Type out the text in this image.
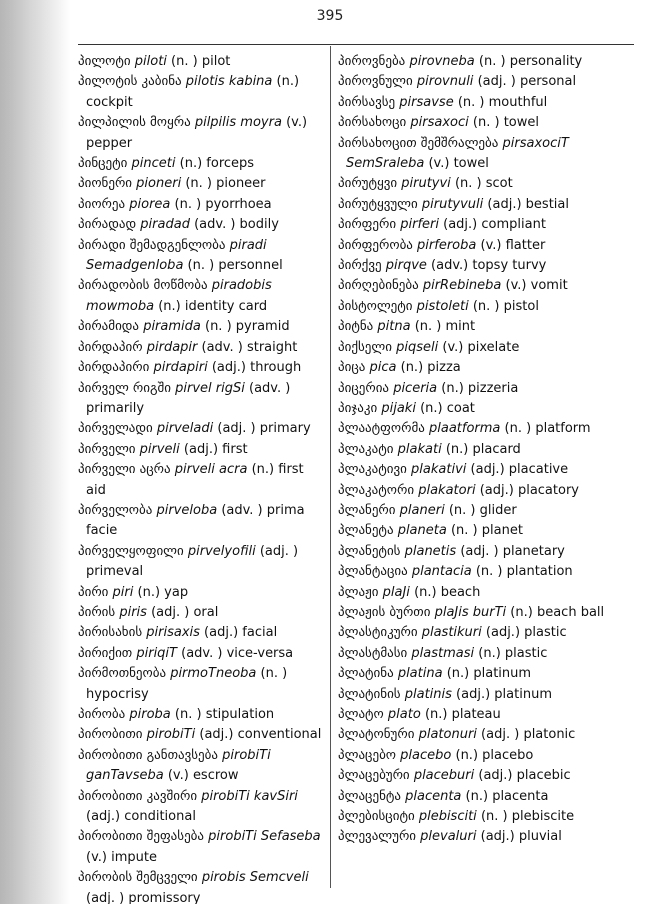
395
პილოტი piloti (n. ) pilot
პილოტის კაბინა pilotis kabina (n.) cockpit
პილპილის მოყრა pilpilis moyra (v.) pepper
პინცეტი pinceti (n.) forceps
პიონერი pioneri (n. ) pioneer
პიორეა piorea (n. ) pyorrhoea
პირადად piradad (adv. ) bodily
პირადი შემადგენლობა piradi Semadgenloba (n. ) personnel
პირადობის მოწმობა piradobis mowmoba (n.) identity card
პირამიდა piramida (n. ) pyramid
პირდაპირ pirdapir (adv. ) straight
პირდაპირი pirdapiri (adj.) through
პირველ რიგში pirvel rigSi (adv. ) primarily
პირველადი pirveladi (adj. ) primary
პირველი pirveli (adj.) first
პირველი აცრა pirveli acra (n.) first aid
პირველობა pirveloba (adv. ) prima facie
პირველყოფილი pirvelyofili (adj. ) primeval
პირი piri (n.) yap
პირის piris (adj. ) oral
პირისახის pirisaxis (adj.) facial
პირიქით piriqiT (adv. ) vice-versa
პირმოთნეობა pirmoTneoba (n. ) hypocrisy
პირობა piroba (n. ) stipulation
პირობითი pirobiTi (adj.) conventional
პირობითი განთავსება pirobiTi ganTavseba (v.) escrow
პირობითი კავშირი pirobiTi kavSiri (adj.) conditional
პირობითი შეფასება pirobiTi Sefaseba (v.) impute
პირობის შემცველი pirobis Semcveli (adj. ) promissory
პიროვნება pirovneba (n. ) personality
პიროვნული pirovnuli (adj. ) personal
პირსავსე pirsavse (n. ) mouthful
პირსახოცი pirsaxoci (n. ) towel
პირსახოცით შემშრალება pirsaxociT SemSraleba (v.) towel
პირუტყვი pirutyvi (n. ) scot
პირუტყვული pirutyvuli (adj.) bestial
პირფერი pirferi (adj.) compliant
პირფერობა pirferoba (v.) flatter
პირქვე pirqve (adv.) topsy turvy
პირღებინება pirRebineba (v.) vomit
პისტოლეტი pistoleti (n. ) pistol
პიტნა pitna (n. ) mint
პიქსელი piqseli (v.) pixelate
პიცა pica (n.) pizza
პიცერია piceria (n.) pizzeria
პიჯაკი pijaki (n.) coat
პლაატფორმა plaatforma (n. ) platform
პლაკატი plakati (n.) placard
პლაკატივი plakativi (adj.) placative
პლაკატორი plakatori (adj.) placatory
პლანერი planeri (n. ) glider
პლანეტა planeta (n. ) planet
პლანეტის planetis (adj. ) planetary
პლანტაცია plantacia (n. ) plantation
პლაჟი plaJi (n.) beach
პლაჟის ბურთი plaJis burTi (n.) beach ball
პლასტიკური plastikuri (adj.) plastic
პლასტმასი plastmasi (n.) plastic
პლატინა platina (n.) platinum
პლატინის platinis (adj.) platinum
პლატო plato (n.) plateau
პლატონური platonuri (adj. ) platonic
პლაცებო placebo (n.) placebo
პლაცებური placeburi (adj.) placebic
პლაცენტა placenta (n.) placenta
პლებისციტი plebisciti (n. ) plebiscite
პლევალური plevaluri (adj.) pluvial
